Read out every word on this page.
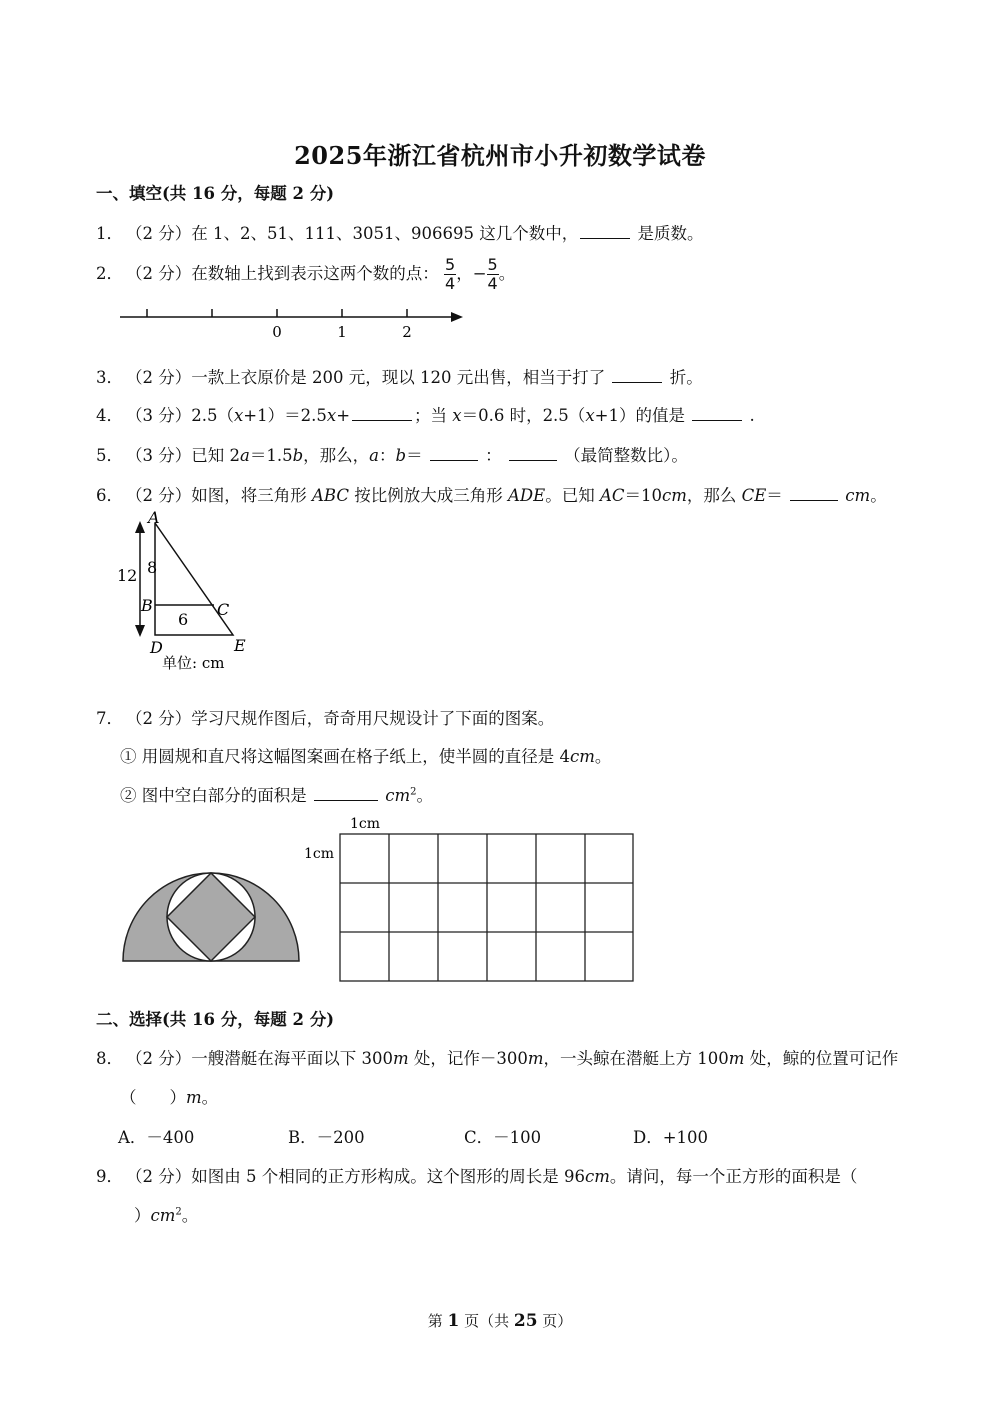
2025年浙江省杭州市小升初数学试卷
一、填空(共 16 分，每题 2 分)
1． （2 分）在 1、2、51、111、3051、906695 这几个数中，	是质数。
2． （2 分）在数轴上找到表示这两个数的点： $\frac{5}{4}$ ，− $\frac{5}{4}$ 。
0	1	2
3． （2 分）一款上衣原价是 200 元，现以 120 元出售，相当于打了	折。
4． （3 分）2.5（x+1）＝2.5x+	；当 x＝0.6 时，2.5（x+1）的值是	.
5． （3 分）已知 2a＝1.5b，那么，a：b＝	：	（最简整数比）。
6． （2 分）如图，将三角形 ABC 按比例放大成三角形 ADE。已知 AC＝10cm，那么 CE＝	cm。
A
B	C
D	E
12 8
6
单位: cm
7． （2 分）学习尺规作图后，奇奇用尺规设计了下面的图案。
① 用圆规和直尺将这幅图案画在格子纸上，使半圆的直径是 4cm。
② 图中空白部分的面积是	$cm^2$。
1cm
1cm
二、选择(共 16 分，每题 2 分)
8． （2 分）一艘潜艇在海平面以下 300m 处，记作－300m，一头鲸在潜艇上方 100m 处，鲸的位置可记作
（　　）m。
A．－400	B．－200	C．－100	D．+100
9． （2 分）如图由 5 个相同的正方形构成。这个图形的周长是 96cm。请问，每一个正方形的面积是（
）$cm^2$。
第 1 页（共 25 页）
